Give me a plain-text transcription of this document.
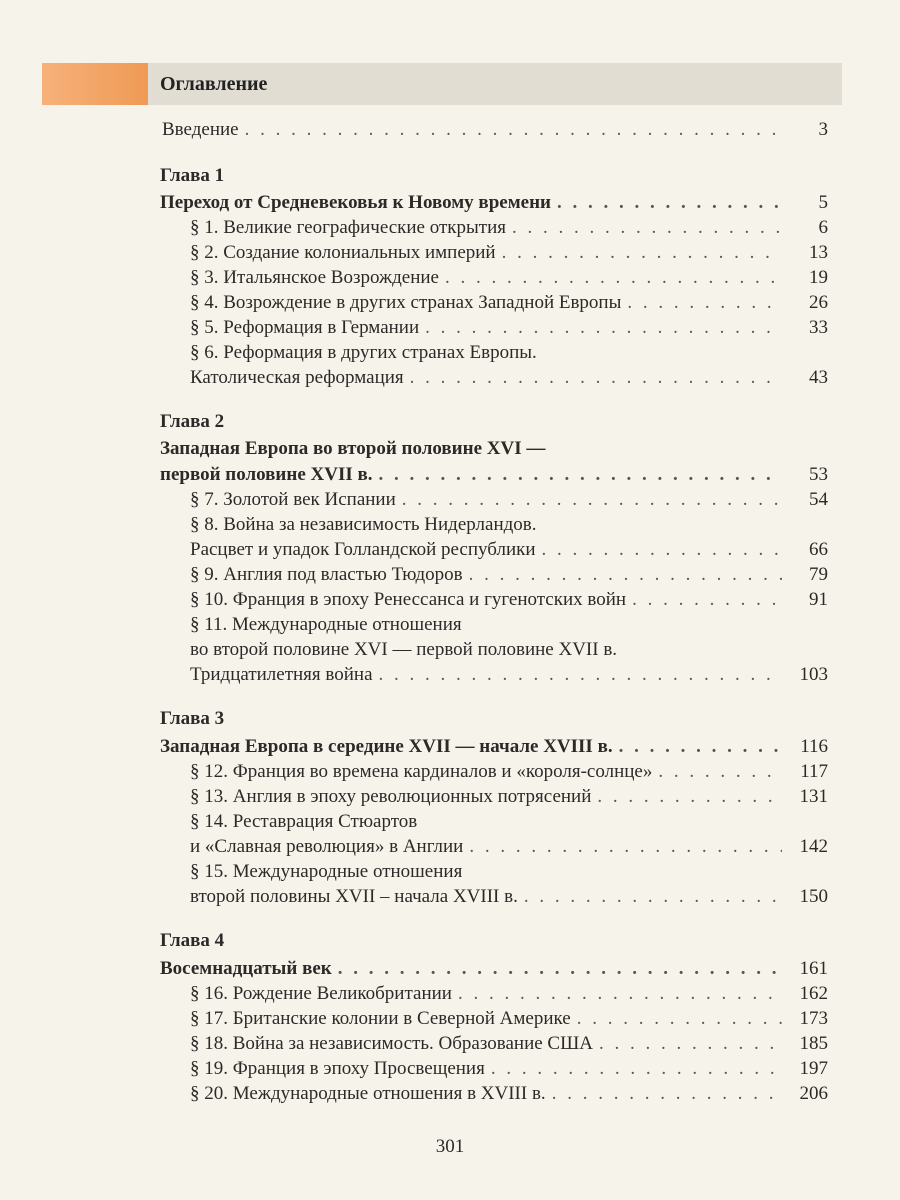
Оглавление
Введение . . .	3
Глава 1
Переход от Средневековья к Новому времени . . .	5
§ 1. Великие географические открытия . . .	6
§ 2. Создание колониальных империй . . .	13
§ 3. Итальянское Возрождение . . .	19
§ 4. Возрождение в других странах Западной Европы . . .	26
§ 5. Реформация в Германии . . .	33
§ 6. Реформация в других странах Европы.
Католическая реформация . . .	43
Глава 2
Западная Европа во второй половине XVI —
первой половине XVII в. . . .	53
§ 7. Золотой век Испании . . .	54
§ 8. Война за независимость Нидерландов.
Расцвет и упадок Голландской республики . . .	66
§ 9. Англия под властью Тюдоров . . .	79
§ 10. Франция в эпоху Ренессанса и гугенотских войн . . .	91
§ 11. Международные отношения
во второй половине XVI — первой половине XVII в.
Тридцатилетняя война . . .	103
Глава 3
Западная Европа в середине XVII — начале XVIII в. . . .	116
§ 12. Франция во времена кардиналов и «короля-солнце» . . .	117
§ 13. Англия в эпоху революционных потрясений . . .	131
§ 14. Реставрация Стюартов
и «Славная революция» в Англии . . .	142
§ 15. Международные отношения
второй половины XVII – начала XVIII в. . . .	150
Глава 4
Восемнадцатый век . . .	161
§ 16. Рождение Великобритании . . .	162
§ 17. Британские колонии в Северной Америке . . .	173
§ 18. Война за независимость. Образование США . . .	185
§ 19. Франция в эпоху Просвещения . . .	197
§ 20. Международные отношения в XVIII в. . . .	206
301
